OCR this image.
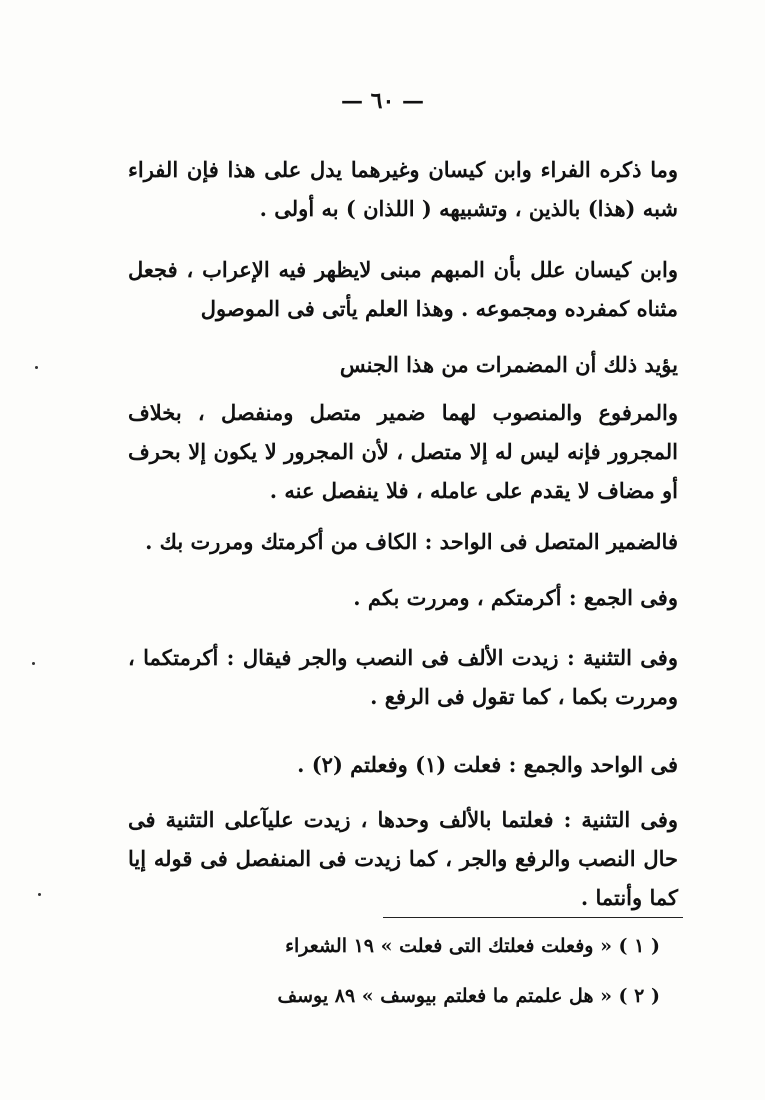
— ٦٠ —
وما ذكره الفراء وابن كيسان وغيرهما يدل على هذا فإن الفراء شبه (هذا) بالذين ، وتشبيهه ( اللذان ) به أولى .
وابن كيسان علل بأن المبهم مبنى لايظهر فيه الإعراب ، فجعل مثناه كمفرده ومجموعه . وهذا العلم يأتى فى الموصول
يؤيد ذلك أن المضمرات من هذا الجنس
والمرفوع والمنصوب لهما ضمير متصل ومنفصل ، بخلاف المجرور فإنه ليس له إلا متصل ، لأن المجرور لا يكون إلا بحرف أو مضاف لا يقدم على عامله ، فلا ينفصل عنه .
فالضمير المتصل فى الواحد : الكاف من أكرمتك ومررت بك .
وفى الجمع : أكرمتكم ، ومررت بكم .
وفى التثنية : زيدت الألف فى النصب والجر فيقال : أكرمتكما ، ومررت بكما ، كما تقول فى الرفع .
فى الواحد والجمع : فعلت (١) وفعلتم (٢) .
وفى التثنية : فعلتما بالألف وحدها ، زيدت عليآعلى التثنية فى حال النصب والرفع والجر ، كما زيدت فى المنفصل فى قوله إيا كما وأنتما .
( ١ ) « وفعلت فعلتك التى فعلت » ١٩ الشعراء
( ٢ ) « هل علمتم ما فعلتم بيوسف » ٨٩ يوسف
